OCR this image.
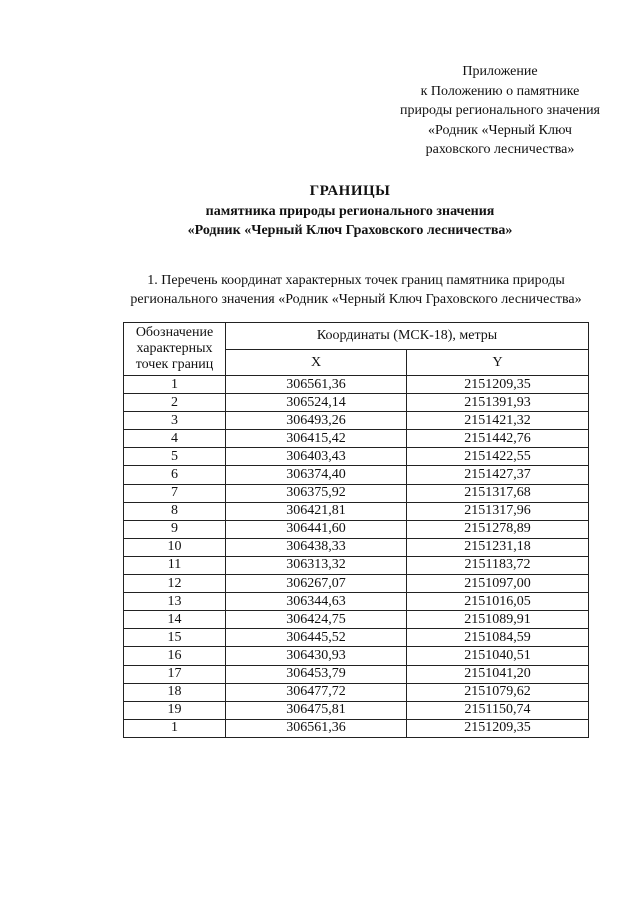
Приложение
к Положению о памятнике
природы регионального значения
«Родник «Черный Ключ
раховского лесничества»
ГРАНИЦЫ
памятника природы регионального значения
«Родник «Черный Ключ Граховского лесничества»
1. Перечень координат характерных точек границ памятника природы
регионального значения «Родник «Черный Ключ Граховского лесничества»
Обозначение
характерных
точек границ	Координаты (МСК-18), метры	
	X	Y
1	306561,36	2151209,35
2	306524,14	2151391,93
3	306493,26	2151421,32
4	306415,42	2151442,76
5	306403,43	2151422,55
6	306374,40	2151427,37
7	306375,92	2151317,68
8	306421,81	2151317,96
9	306441,60	2151278,89
10	306438,33	2151231,18
11	306313,32	2151183,72
12	306267,07	2151097,00
13	306344,63	2151016,05
14	306424,75	2151089,91
15	306445,52	2151084,59
16	306430,93	2151040,51
17	306453,79	2151041,20
18	306477,72	2151079,62
19	306475,81	2151150,74
1	306561,36	2151209,35
